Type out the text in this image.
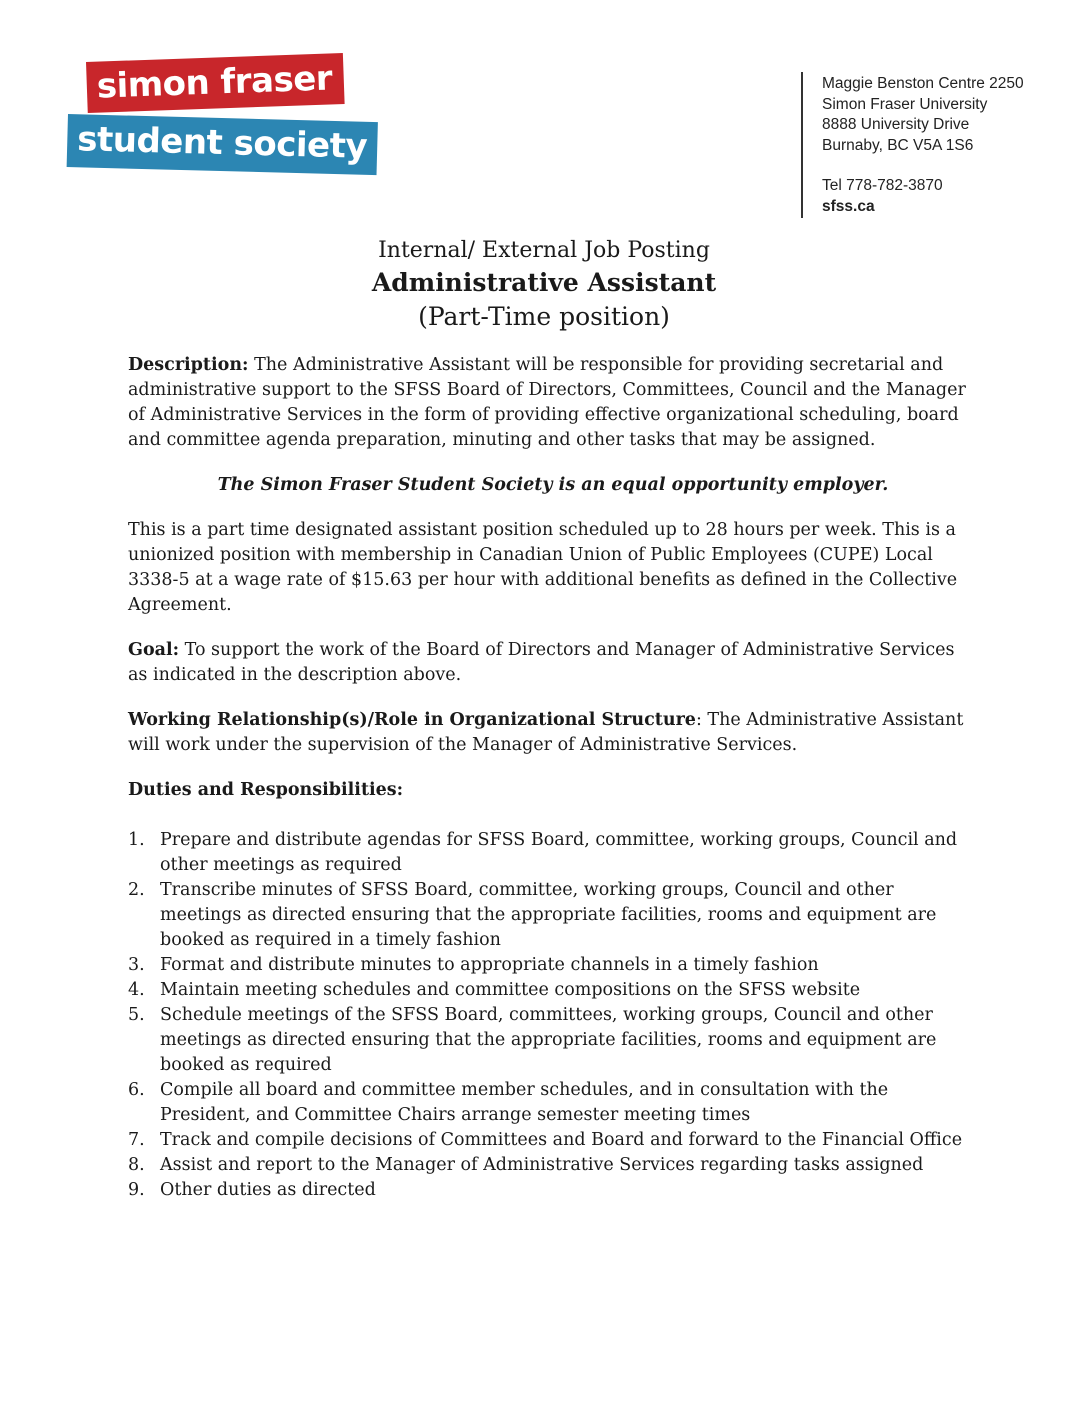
simon fraser
student society
Maggie Benston Centre 2250
Simon Fraser University
8888 University Drive
Burnaby, BC V5A 1S6
Tel 778-782-3870
sfss.ca
Internal/ External Job Posting
Administrative Assistant
(Part-Time position)

Description: The Administrative Assistant will be responsible for providing secretarial and administrative support to the SFSS Board of Directors, Committees, Council and the Manager of Administrative Services in the form of providing effective organizational scheduling, board and committee agenda preparation, minuting and other tasks that may be assigned.

The Simon Fraser Student Society is an equal opportunity employer.

This is a part time designated assistant position scheduled up to 28 hours per week. This is a unionized position with membership in Canadian Union of Public Employees (CUPE) Local 3338-5 at a wage rate of $15.63 per hour with additional benefits as defined in the Collective Agreement.

Goal: To support the work of the Board of Directors and Manager of Administrative Services as indicated in the description above.

Working Relationship(s)/Role in Organizational Structure: The Administrative Assistant will work under the supervision of the Manager of Administrative Services.

Duties and Responsibilities:

1. Prepare and distribute agendas for SFSS Board, committee, working groups, Council and other meetings as required
2. Transcribe minutes of SFSS Board, committee, working groups, Council and other meetings as directed ensuring that the appropriate facilities, rooms and equipment are booked as required in a timely fashion
3. Format and distribute minutes to appropriate channels in a timely fashion
4. Maintain meeting schedules and committee compositions on the SFSS website
5. Schedule meetings of the SFSS Board, committees, working groups, Council and other meetings as directed ensuring that the appropriate facilities, rooms and equipment are booked as required
6. Compile all board and committee member schedules, and in consultation with the President, and Committee Chairs arrange semester meeting times
7. Track and compile decisions of Committees and Board and forward to the Financial Office
8. Assist and report to the Manager of Administrative Services regarding tasks assigned
9. Other duties as directed
